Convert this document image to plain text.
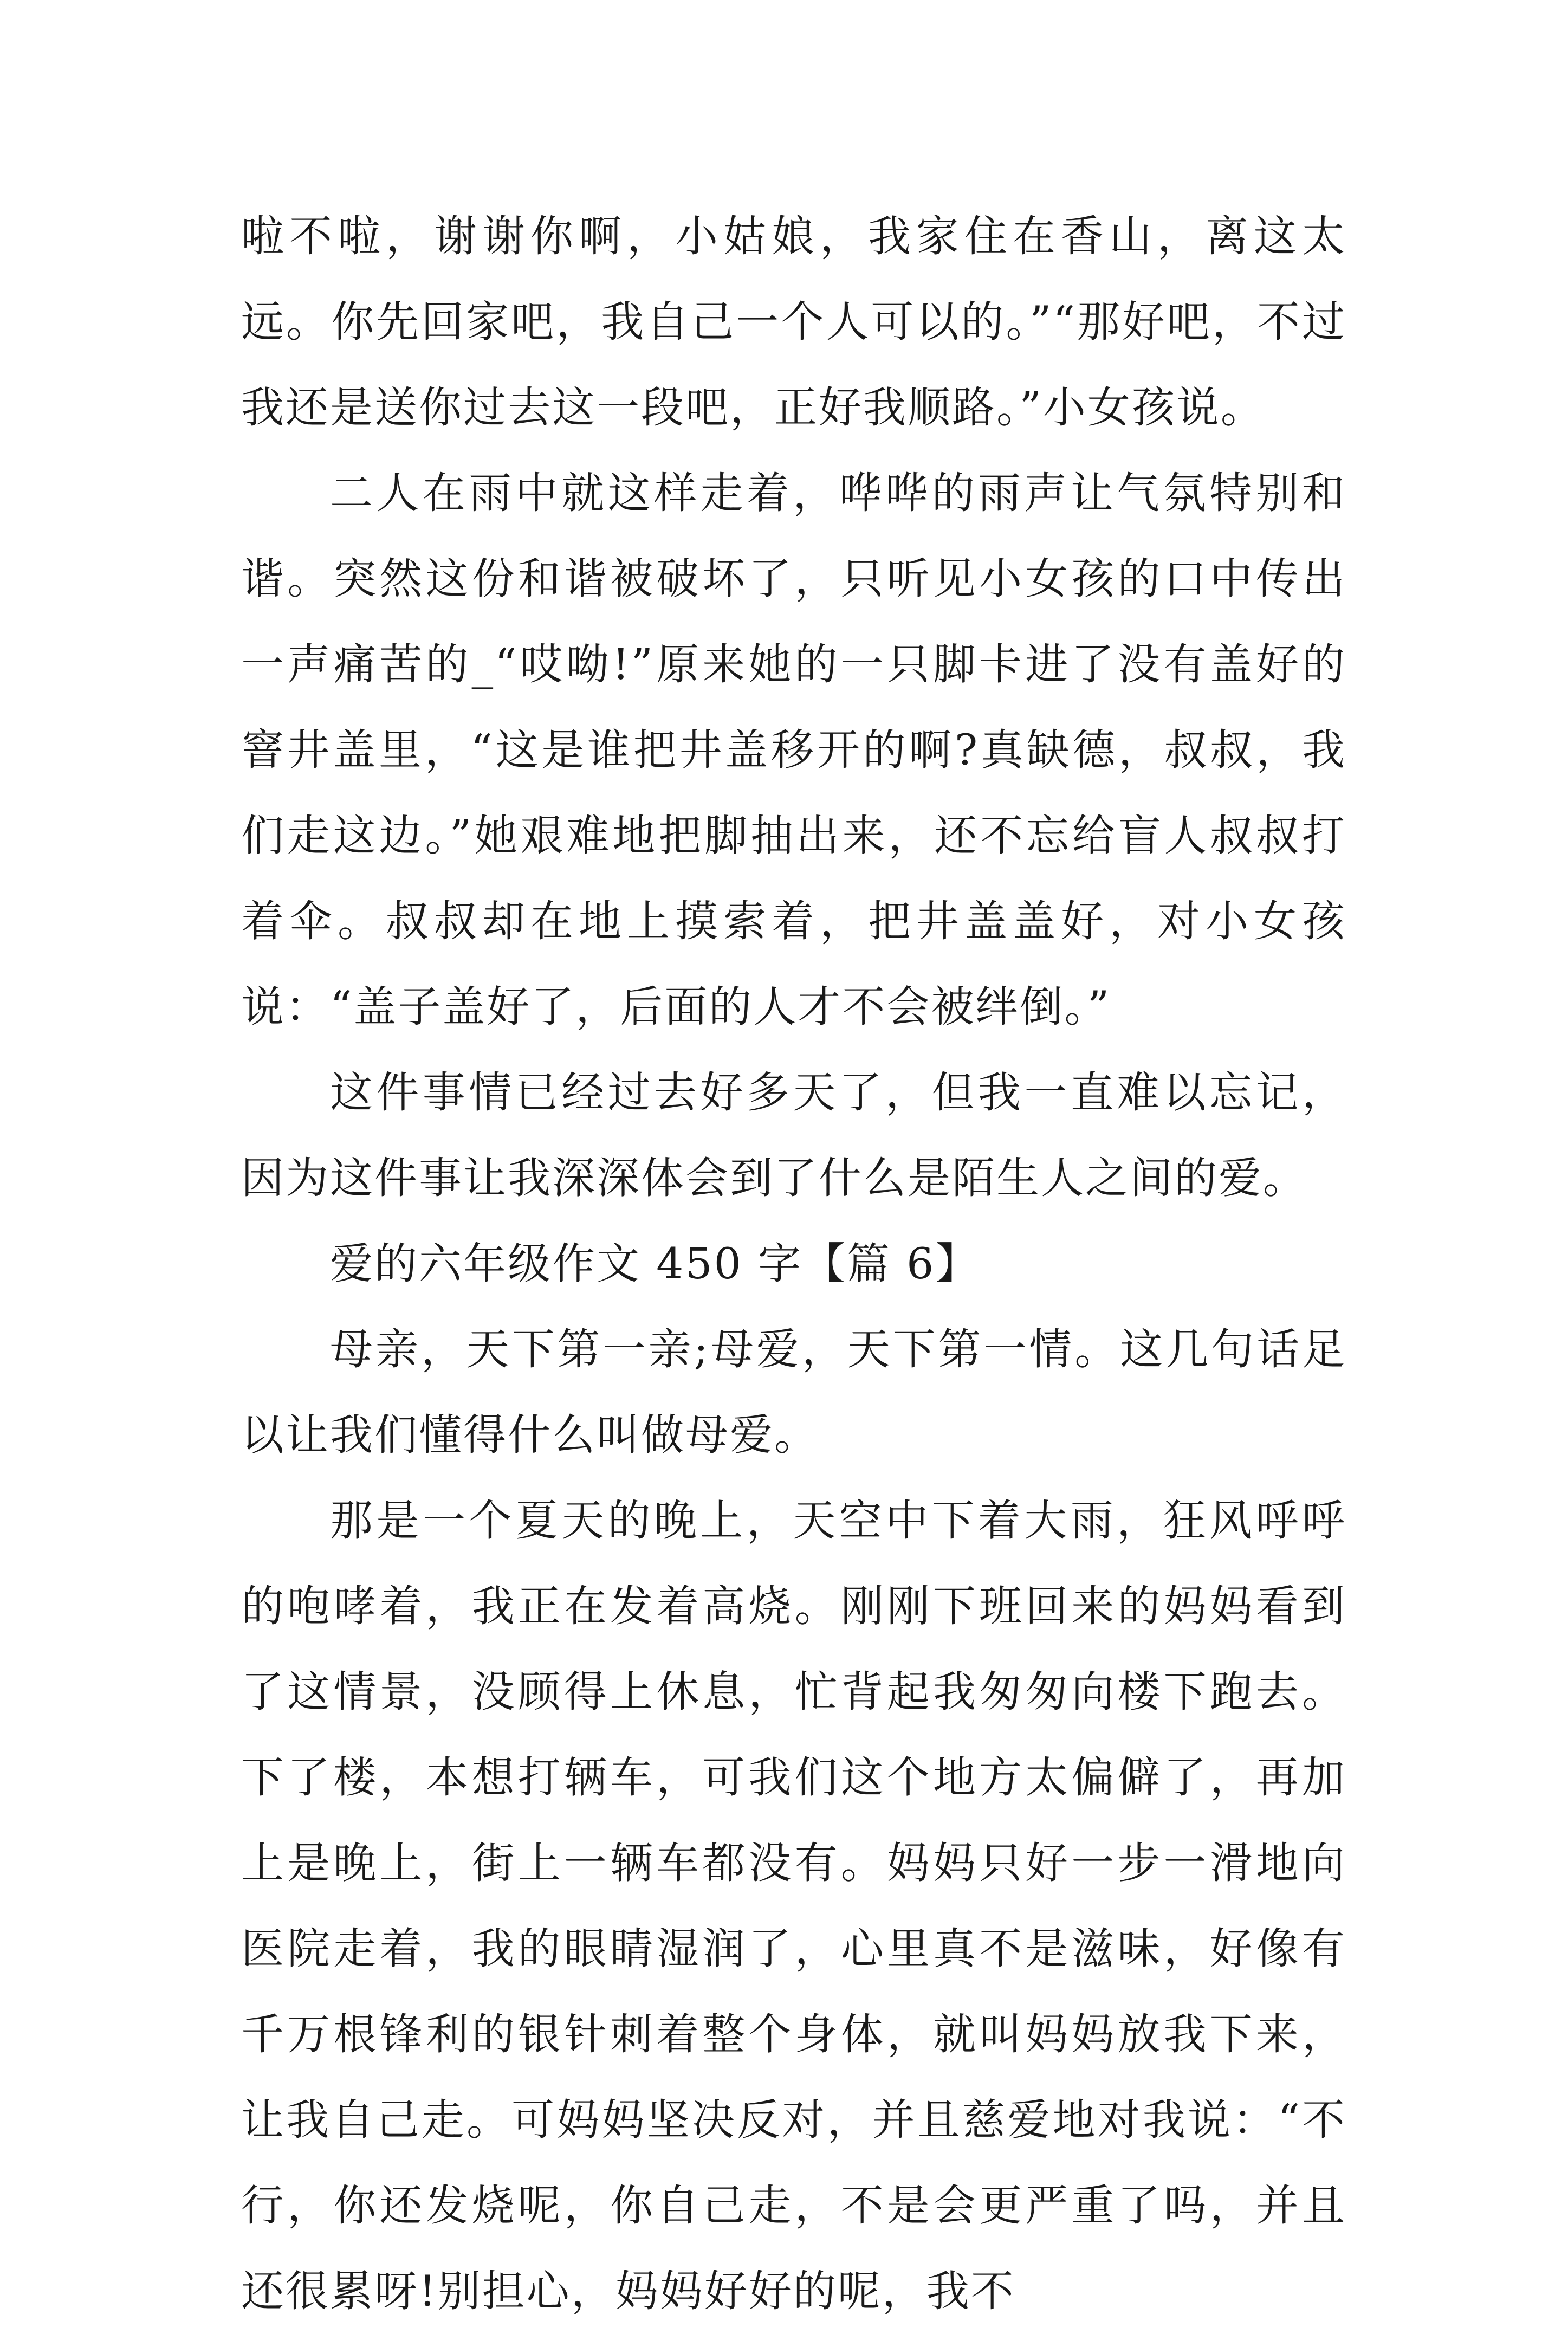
啦不啦，谢谢你啊，小姑娘，我家住在香山，离这太远。你先回家吧，我自己一个人可以的。”“那好吧，不过我还是送你过去这一段吧，正好我顺路。”小女孩说。

二人在雨中就这样走着，哗哗的雨声让气氛特别和谐。突然这份和谐被破坏了，只听见小女孩的口中传出一声痛苦的_“哎呦!”原来她的一只脚卡进了没有盖好的窨井盖里，“这是谁把井盖移开的啊?真缺德，叔叔，我们走这边。”她艰难地把脚抽出来，还不忘给盲人叔叔打着伞。叔叔却在地上摸索着，把井盖盖好，对小女孩说：“盖子盖好了，后面的人才不会被绊倒。”

这件事情已经过去好多天了，但我一直难以忘记，因为这件事让我深深体会到了什么是陌生人之间的爱。

爱的六年级作文 450 字【篇 6】

母亲，天下第一亲;母爱，天下第一情。这几句话足以让我们懂得什么叫做母爱。

那是一个夏天的晚上，天空中下着大雨，狂风呼呼的咆哮着，我正在发着高烧。刚刚下班回来的妈妈看到了这情景，没顾得上休息，忙背起我匆匆向楼下跑去。下了楼，本想打辆车，可我们这个地方太偏僻了，再加上是晚上，街上一辆车都没有。妈妈只好一步一滑地向医院走着，我的眼睛湿润了，心里真不是滋味，好像有千万根锋利的银针刺着整个身体，就叫妈妈放我下来，让我自己走。可妈妈坚决反对，并且慈爱地对我说：“不行，你还发烧呢，你自己走，不是会更严重了吗，并且还很累呀!别担心，妈妈好好的呢，我不
